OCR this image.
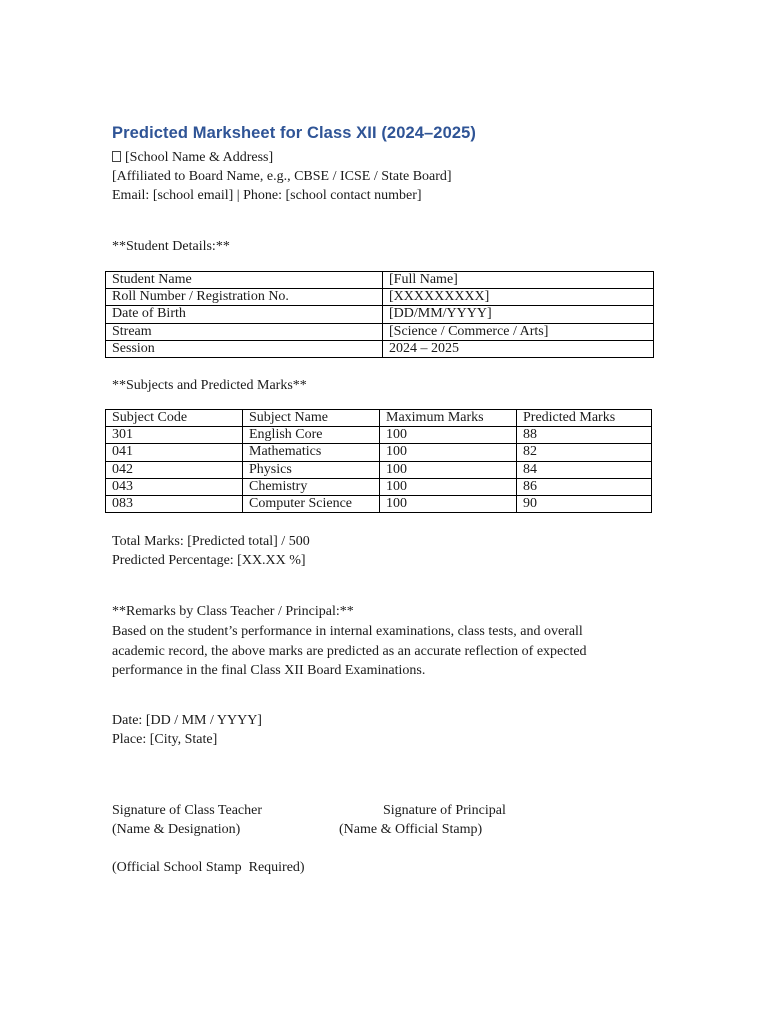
Predicted Marksheet for Class XII (2024–2025)
[School Name & Address]
[Affiliated to Board Name, e.g., CBSE / ICSE / State Board]
Email: [school email] | Phone: [school contact number]
**Student Details:**
Student Name	[Full Name]
Roll Number / Registration No.	[XXXXXXXXX]
Date of Birth	[DD/MM/YYYY]
Stream	[Science / Commerce / Arts]
Session	2024 – 2025
**Subjects and Predicted Marks**
Subject Code	Subject Name	Maximum Marks	Predicted Marks
301	English Core	100	88
041	Mathematics	100	82
042	Physics	100	84
043	Chemistry	100	86
083	Computer Science	100	90
Total Marks: [Predicted total] / 500
Predicted Percentage: [XX.XX %]
**Remarks by Class Teacher / Principal:**

Based on the student’s performance in internal examinations, class tests, and overall

academic record, the above marks are predicted as an accurate reflection of expected

performance in the final Class XII Board Examinations.

Date: [DD / MM / YYYY]
Place: [City, State]
Signature of Class Teacher
(Name & Designation)
Signature of Principal
(Name & Official Stamp)
(Official School Stamp  Required)
